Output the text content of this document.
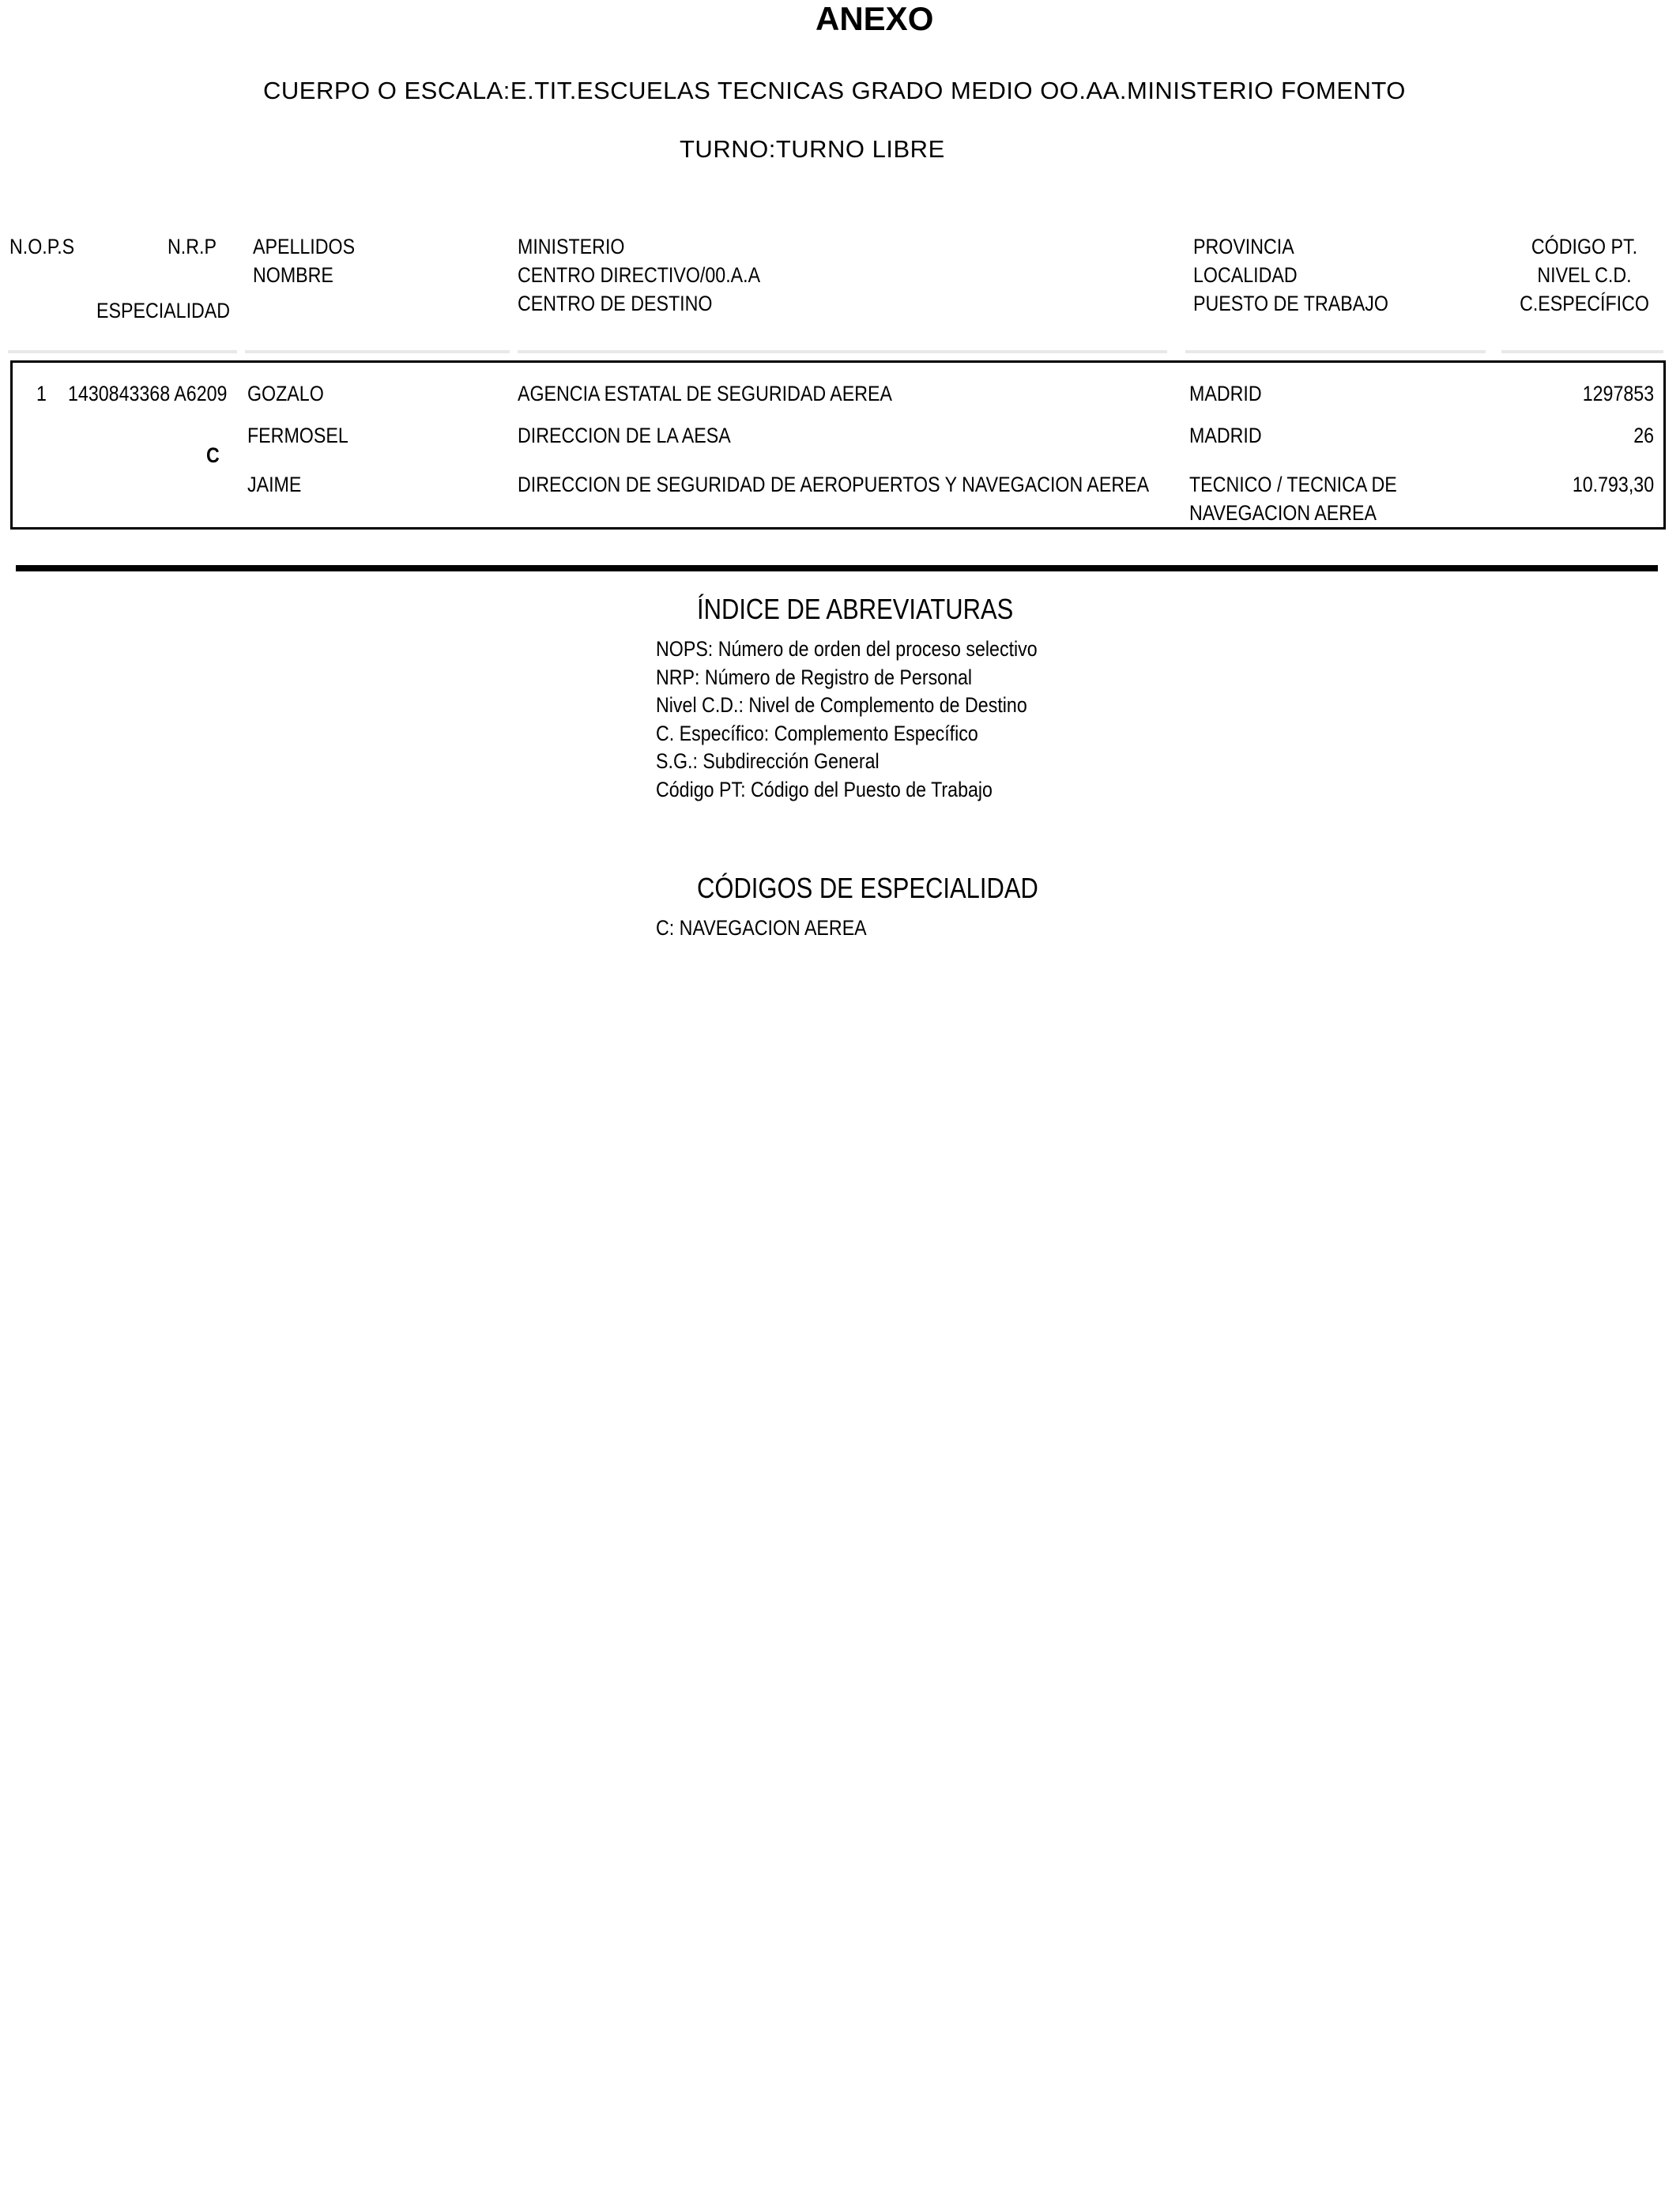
ANEXO
CUERPO O ESCALA:E.TIT.ESCUELAS TECNICAS GRADO MEDIO OO.AA.MINISTERIO FOMENTO
TURNO:TURNO LIBRE
N.O.P.S	N.R.P
ESPECIALIDAD
APELLIDOS
NOMBRE
MINISTERIO
CENTRO DIRECTIVO/00.A.A
CENTRO DE DESTINO
PROVINCIA
LOCALIDAD
PUESTO DE TRABAJO
CÓDIGO PT.
NIVEL C.D.
C.ESPECÍFICO
1 1430843368 A6209
C
GOZALO
FERMOSEL
JAIME
AGENCIA ESTATAL DE SEGURIDAD AEREA
DIRECCION DE LA AESA
DIRECCION DE SEGURIDAD DE AEROPUERTOS Y NAVEGACION AEREA
MADRID
MADRID
TECNICO / TECNICA DE
NAVEGACION AEREA
1297853
26
10.793,30
ÍNDICE DE ABREVIATURAS
NOPS: Número de orden del proceso selectivo
NRP: Número de Registro de Personal
Nivel C.D.: Nivel de Complemento de Destino
C. Específico: Complemento Específico
S.G.: Subdirección General
Código PT: Código del Puesto de Trabajo
CÓDIGOS DE ESPECIALIDAD
C: NAVEGACION AEREA
